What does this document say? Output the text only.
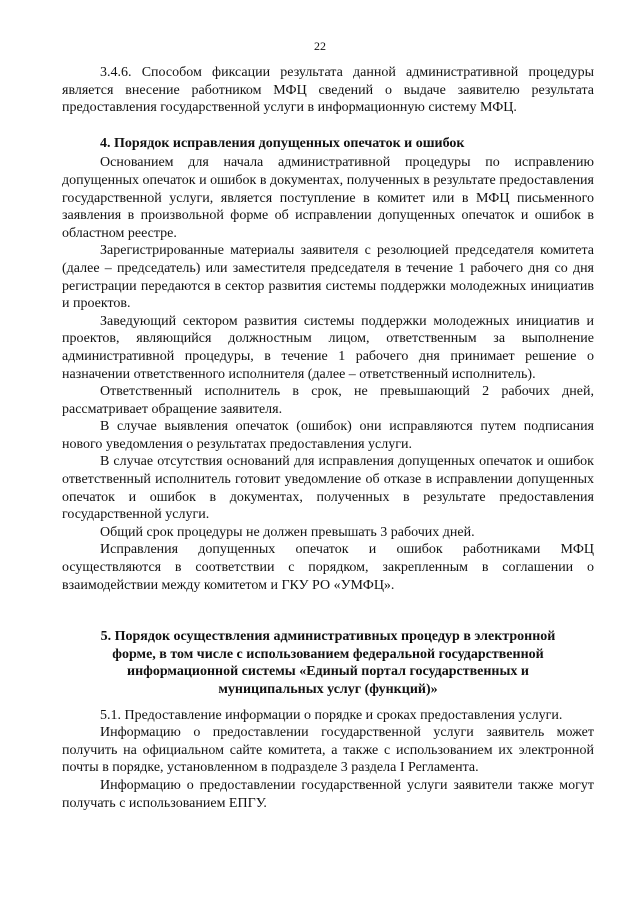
22

3.4.6. Способом фиксации результата данной административной процедуры является внесение работником МФЦ сведений о выдаче заявителю результата предоставления государственной услуги в информационную систему МФЦ.

4. Порядок исправления допущенных опечаток и ошибок

Основанием для начала административной процедуры по исправлению допущенных опечаток и ошибок в документах, полученных в результате предоставления государственной услуги, является поступление в комитет или в МФЦ письменного заявления в произвольной форме об исправлении допущенных опечаток и ошибок в областном реестре.

Зарегистрированные материалы заявителя с резолюцией председателя комитета (далее – председатель) или заместителя председателя в течение 1 рабочего дня со дня регистрации передаются в сектор развития системы поддержки молодежных инициатив и проектов.

Заведующий сектором развития системы поддержки молодежных инициатив и проектов, являющийся должностным лицом, ответственным за выполнение административной процедуры, в течение 1 рабочего дня принимает решение о назначении ответственного исполнителя (далее – ответственный исполнитель).

Ответственный исполнитель в срок, не превышающий 2 рабочих дней, рассматривает обращение заявителя.

В случае выявления опечаток (ошибок) они исправляются путем подписания нового уведомления о результатах предоставления услуги.

В случае отсутствия оснований для исправления допущенных опечаток и ошибок ответственный исполнитель готовит уведомление об отказе в исправлении допущенных опечаток и ошибок в документах, полученных в результате предоставления государственной услуги.

Общий срок процедуры не должен превышать 3 рабочих дней.

Исправления допущенных опечаток и ошибок работниками МФЦ осуществляются в соответствии с порядком, закрепленным в соглашении о взаимодействии между комитетом и ГКУ РО «УМФЦ».

5. Порядок осуществления административных процедур в электронной
форме, в том числе с использованием федеральной государственной
информационной системы «Единый портал государственных и
муниципальных услуг (функций)»

5.1. Предоставление информации о порядке и сроках предоставления услуги.

Информацию о предоставлении государственной услуги заявитель может получить на официальном сайте комитета, а также с использованием их электронной почты в порядке, установленном в подразделе 3 раздела I Регламента.

Информацию о предоставлении государственной услуги заявители также могут получать с использованием ЕПГУ.
